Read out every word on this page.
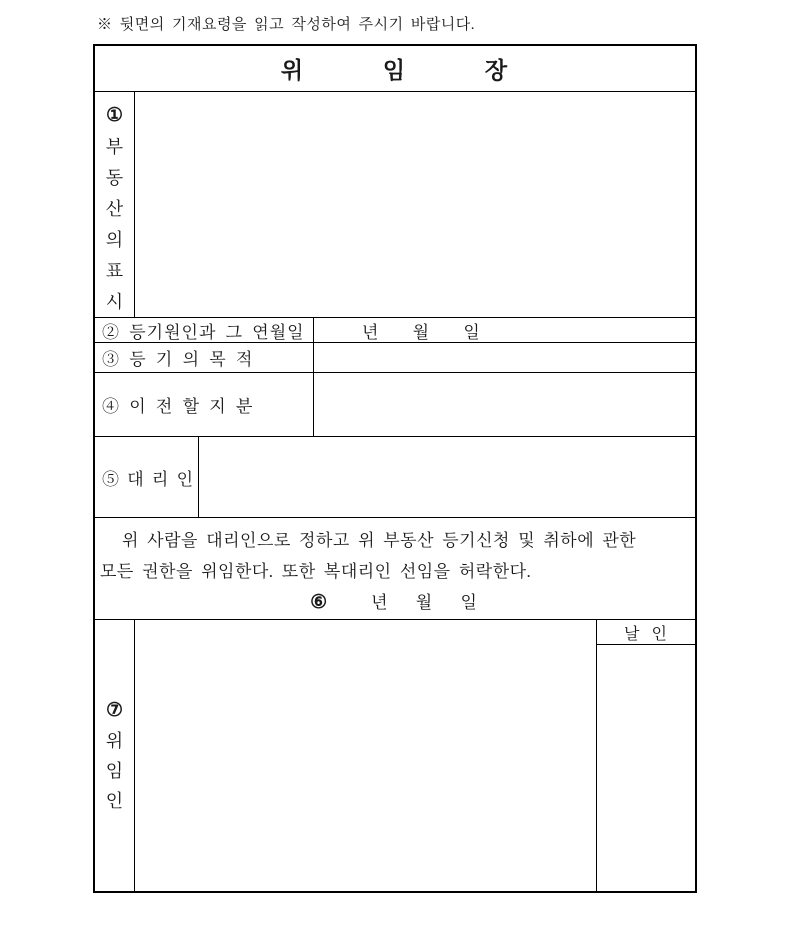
※ 뒷면의 기재요령을 읽고 작성하여 주시기 바랍니다.
위 임 장
①
부
동
산
의
표
시
② 등기원인과 그 연월일	년 월 일
③ 등 기 의 목 적
④ 이 전 할 지 분
⑤ 대 리 인
위 사람을 대리인으로 정하고 위 부동산 등기신청 및 취하에 관한
모든 권한을 위임한다. 또한 복대리인 선임을 허락한다.
⑥	년 월 일
⑦
위
임
인
날 인
